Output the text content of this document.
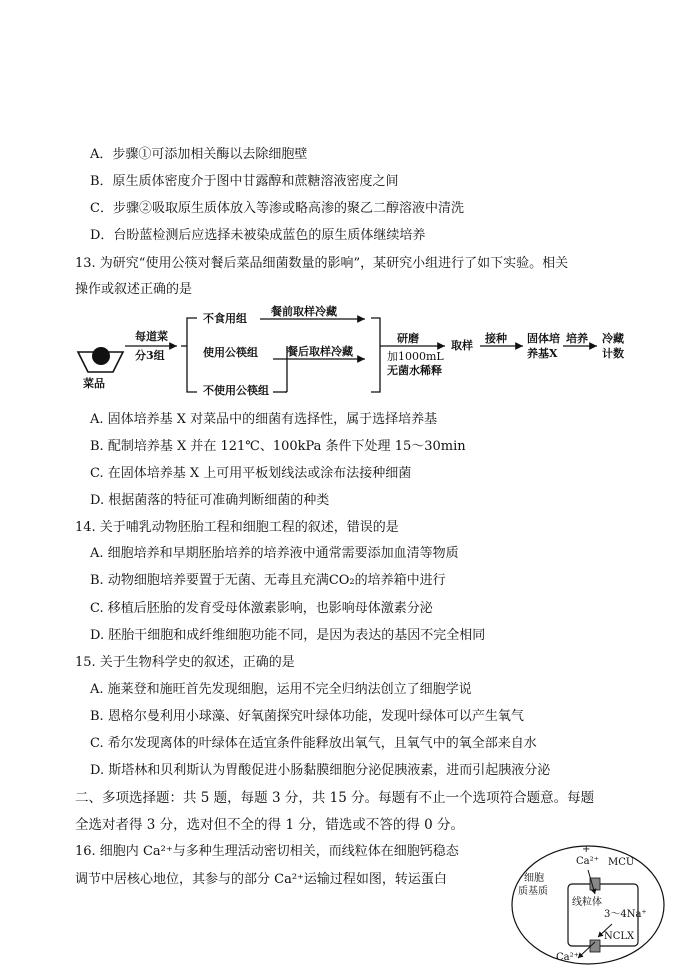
A．步骤①可添加相关酶以去除细胞壁
B．原生质体密度介于图中甘露醇和蔗糖溶液密度之间
C．步骤②吸取原生质体放入等渗或略高渗的聚乙二醇溶液中清洗
D．台盼蓝检测后应选择未被染成蓝色的原生质体继续培养
13. 为研究“使用公筷对餐后菜品细菌数量的影响”，某研究小组进行了如下实验。相关
操作或叙述正确的是
菜品
每道菜
分3组
不食用组
使用公筷组
不使用公筷组
餐前取样冷藏
餐后取样冷藏
研磨
加1000mL
无菌水稀释
取样
接种 固体培
养基X
培养 冷藏
计数
A. 固体培养基 X 对菜品中的细菌有选择性，属于选择培养基
B. 配制培养基 X 并在 121℃、100kPa 条件下处理 15～30min
C. 在固体培养基 X 上可用平板划线法或涂布法接种细菌
D. 根据菌落的特征可准确判断细菌的种类
14. 关于哺乳动物胚胎工程和细胞工程的叙述，错误的是
A. 细胞培养和早期胚胎培养的培养液中通常需要添加血清等物质
B. 动物细胞培养要置于无菌、无毒且充满CO₂的培养箱中进行
C. 移植后胚胎的发育受母体激素影响，也影响母体激素分泌
D. 胚胎干细胞和成纤维细胞功能不同，是因为表达的基因不完全相同
15. 关于生物科学史的叙述，正确的是
A. 施莱登和施旺首先发现细胞，运用不完全归纳法创立了细胞学说
B. 恩格尔曼利用小球藻、好氧菌探究叶绿体功能，发现叶绿体可以产生氧气
C. 希尔发现离体的叶绿体在适宜条件能释放出氧气，且氧气中的氧全部来自水
D. 斯塔林和贝利斯认为胃酸促进小肠黏膜细胞分泌促胰液素，进而引起胰液分泌
二、多项选择题：共 5 题，每题 3 分，共 15 分。每题有不止一个选项符合题意。每题
全选对者得 3 分，选对但不全的得 1 分，错选或不答的得 0 分。
16. 细胞内 Ca²⁺与多种生理活动密切相关，而线粒体在细胞钙稳态
调节中居核心地位，其参与的部分 Ca²⁺运输过程如图，转运蛋白
+
Ca²⁺ MCU
细胞
质基质
线粒体
3～4Na⁺
NCLX
Ca²⁺
